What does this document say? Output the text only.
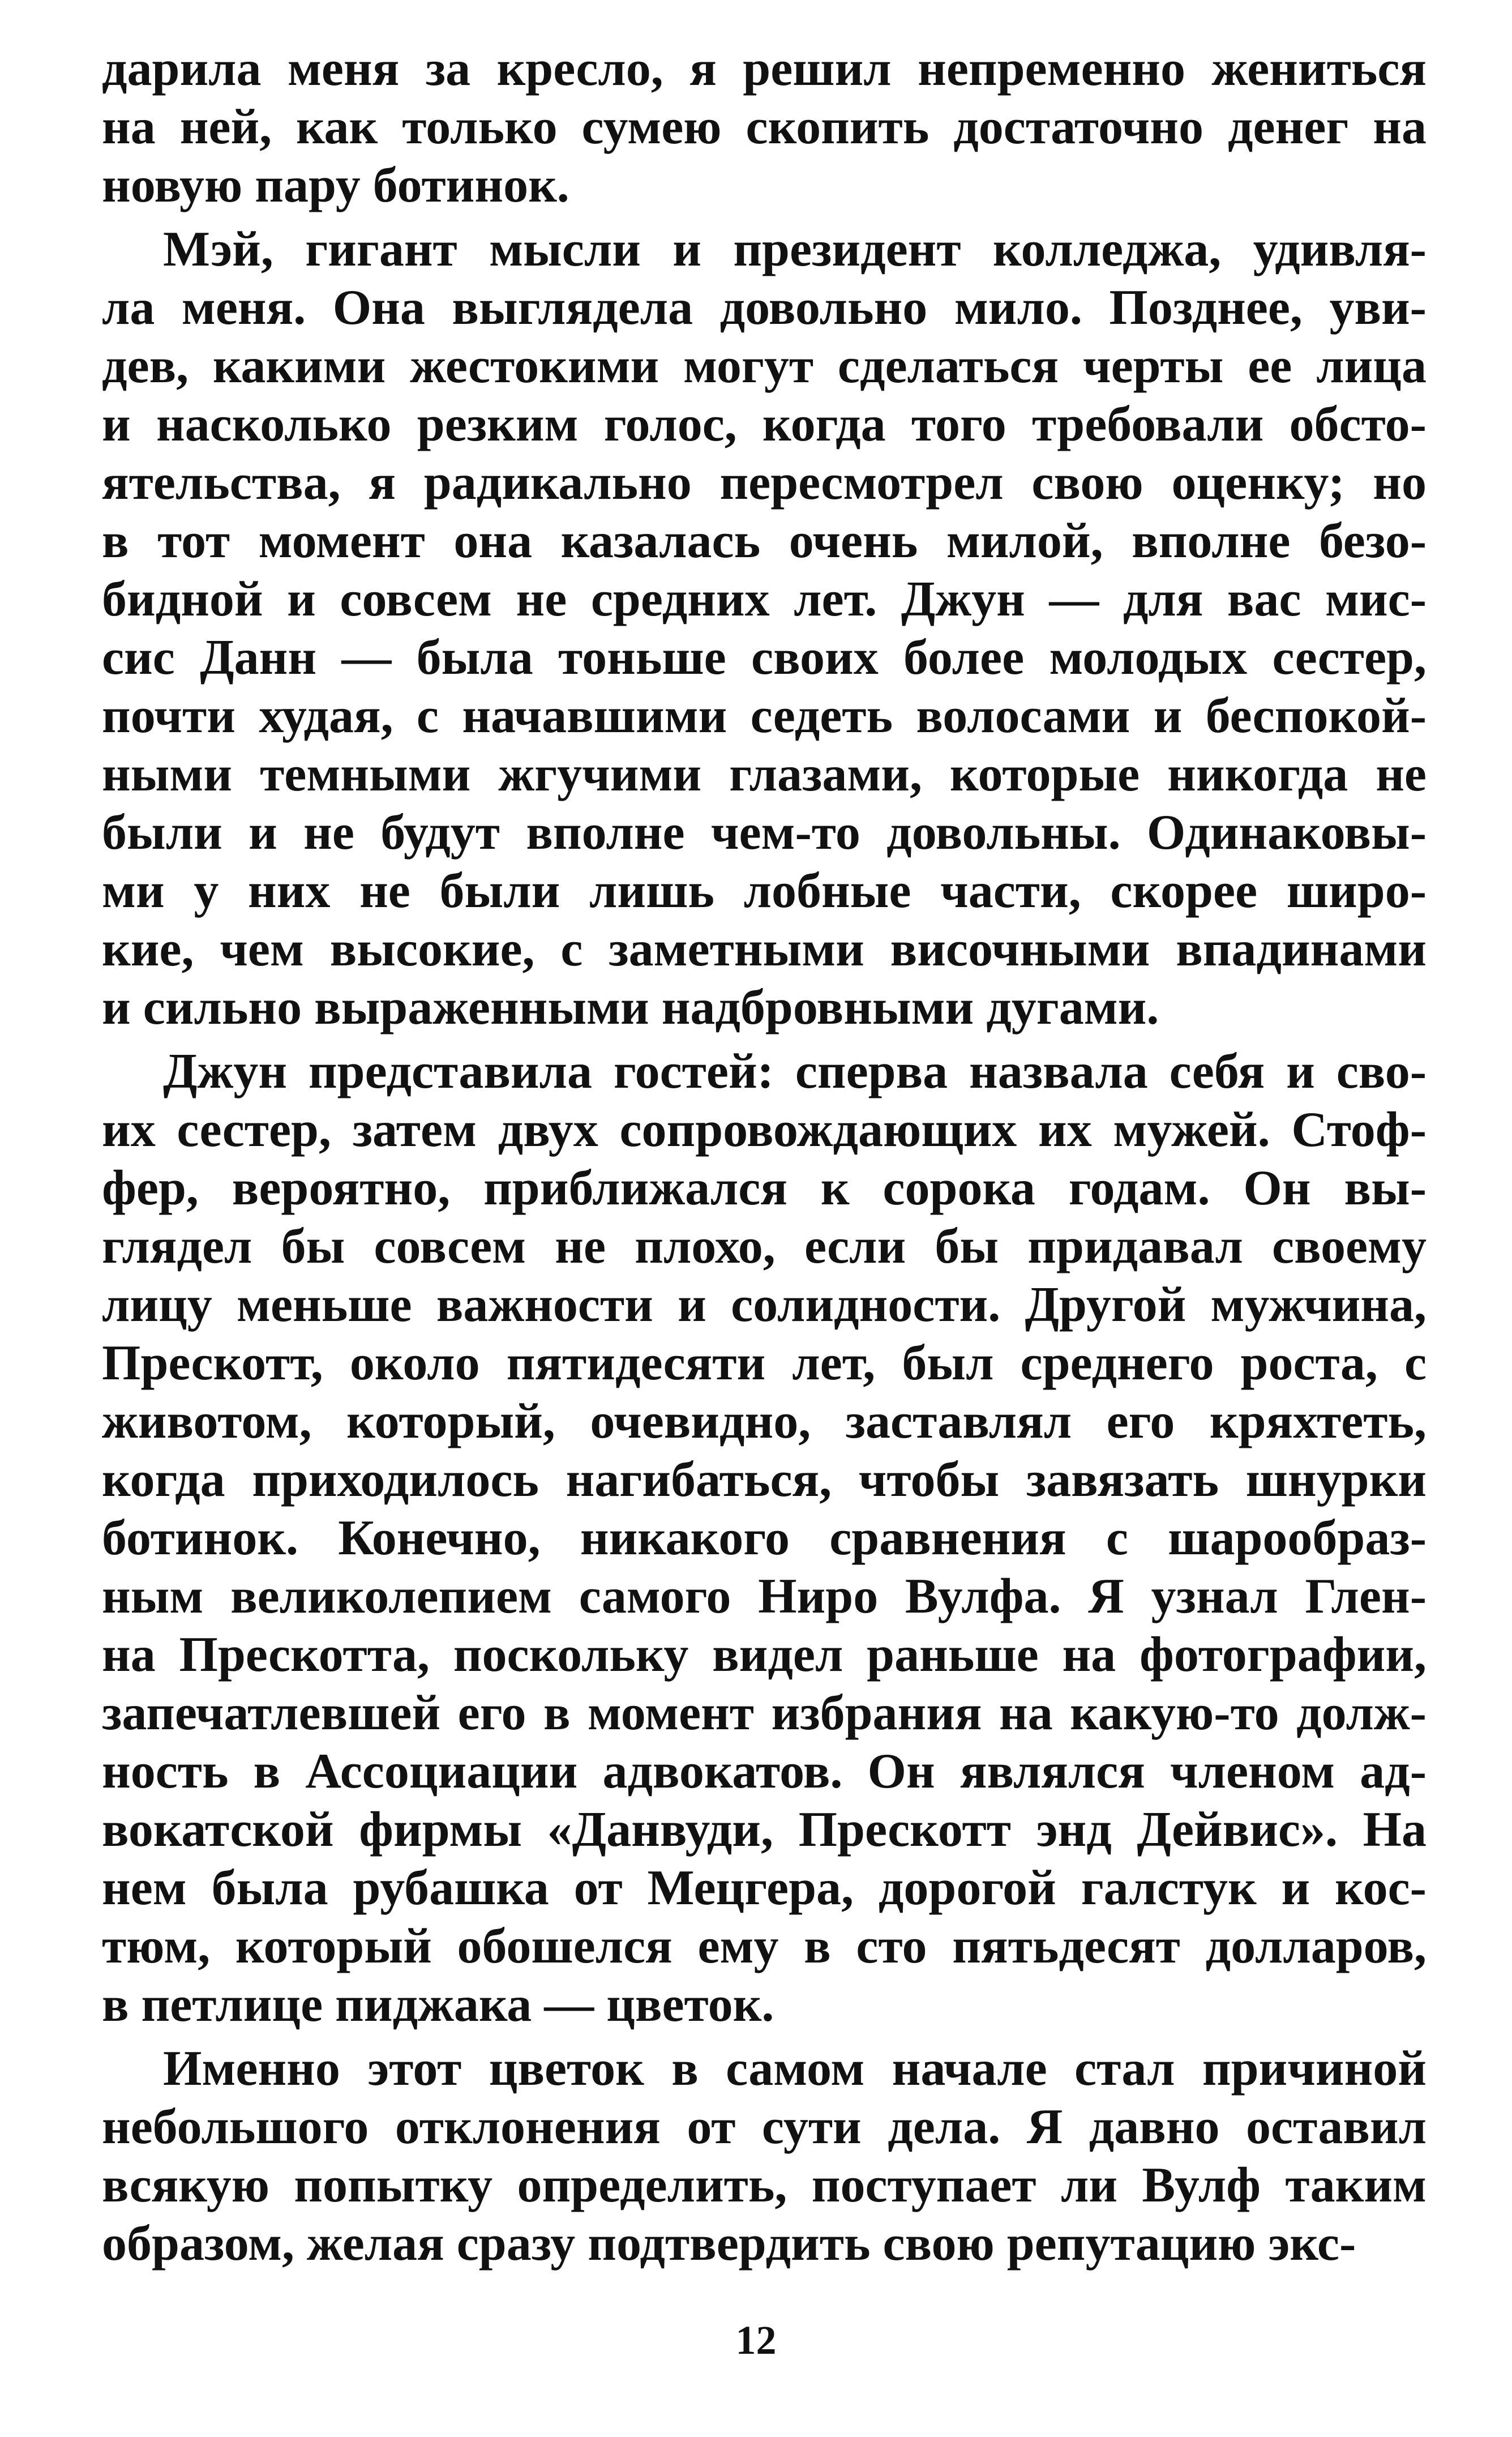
дарила меня за кресло, я решил непременно жениться
на ней, как только сумею скопить достаточно денег на
новую пару ботинок.
Мэй, гигант мысли и президент колледжа, удивля-
ла меня. Она выглядела довольно мило. Позднее, уви-
дев, какими жестокими могут сделаться черты ее лица
и насколько резким голос, когда того требовали обсто-
ятельства, я радикально пересмотрел свою оценку; но
в тот момент она казалась очень милой, вполне безо-
бидной и совсем не средних лет. Джун — для вас мис-
сис Данн — была тоньше своих более молодых сестер,
почти худая, с начавшими седеть волосами и беспокой-
ными темными жгучими глазами, которые никогда не
были и не будут вполне чем-то довольны. Одинаковы-
ми у них не были лишь лобные части, скорее широ-
кие, чем высокие, с заметными височными впадинами
и сильно выраженными надбровными дугами.
Джун представила гостей: сперва назвала себя и сво-
их сестер, затем двух сопровождающих их мужей. Стоф-
фер, вероятно, приближался к сорока годам. Он вы-
глядел бы совсем не плохо, если бы придавал своему
лицу меньше важности и солидности. Другой мужчина,
Прескотт, около пятидесяти лет, был среднего роста, с
животом, который, очевидно, заставлял его кряхтеть,
когда приходилось нагибаться, чтобы завязать шнурки
ботинок. Конечно, никакого сравнения с шарообраз-
ным великолепием самого Ниро Вулфа. Я узнал Глен-
на Прескотта, поскольку видел раньше на фотографии,
запечатлевшей его в момент избрания на какую-то долж-
ность в Ассоциации адвокатов. Он являлся членом ад-
вокатской фирмы «Данвуди, Прескотт энд Дейвис». На
нем была рубашка от Мецгера, дорогой галстук и кос-
тюм, который обошелся ему в сто пятьдесят долларов,
в петлице пиджака — цветок.
Именно этот цветок в самом начале стал причиной
небольшого отклонения от сути дела. Я давно оставил
всякую попытку определить, поступает ли Вулф таким
образом, желая сразу подтвердить свою репутацию экс-
12
